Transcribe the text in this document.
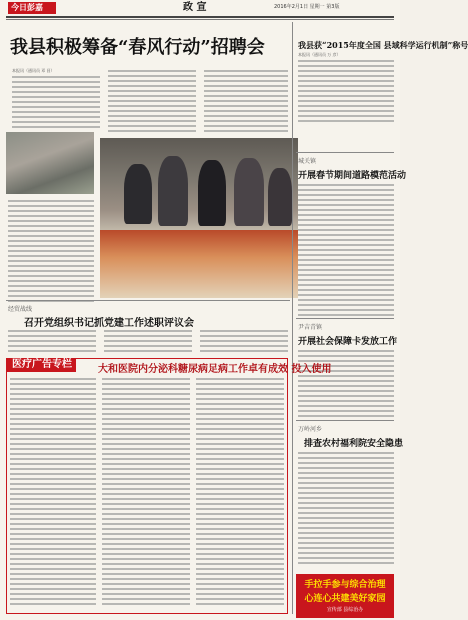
今日彭嘉	政 宣	2016年2月1日 星期一 第3版
我县积极筹备“春风行动”招聘会
本报讯（通讯员 邓 昌）
我县获“2015年度全国 县域科学运行机制”称号
本报讯（通讯员 万 彦）
城关镇
开展春节期间道路模范活动
经贸战线
召开党组织书记抓党建工作述职评议会	尹吉青镇
开展社会保障卡发放工作
万岭河乡
排查农村福利院安全隐患
医疗广告专栏	大和医院内分泌科糖尿病足病工作卓有成效 投入使用
手拉手参与综合治理
心连心共建美好家园
宣传部 县综治办
